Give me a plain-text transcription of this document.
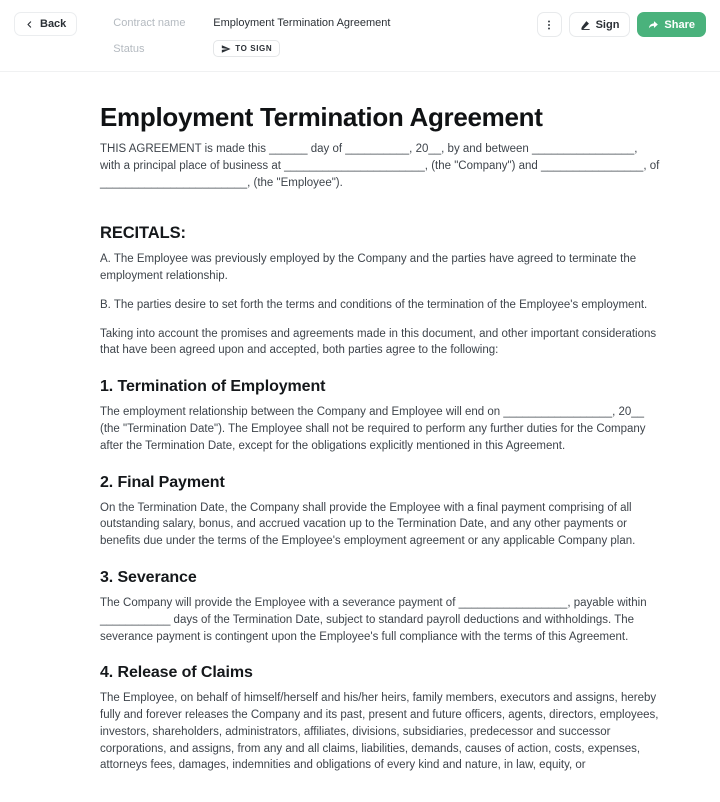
Back	Contract name	Employment Termination Agreement
Status	TO SIGN
Sign	Share
Employment Termination Agreement

THIS AGREEMENT is made this ______ day of __________, 20__, by and between ________________, with a principal place of business at ______________________, (the "Company") and ________________, of _______________________, (the "Employee").

RECITALS:

A. The Employee was previously employed by the Company and the parties have agreed to terminate the employment relationship.

B. The parties desire to set forth the terms and conditions of the termination of the Employee's employment.

Taking into account the promises and agreements made in this document, and other important considerations that have been agreed upon and accepted, both parties agree to the following:

1. Termination of Employment

The employment relationship between the Company and Employee will end on _________________, 20__ (the "Termination Date"). The Employee shall not be required to perform any further duties for the Company after the Termination Date, except for the obligations explicitly mentioned in this Agreement.

2. Final Payment

On the Termination Date, the Company shall provide the Employee with a final payment comprising of all outstanding salary, bonus, and accrued vacation up to the Termination Date, and any other payments or benefits due under the terms of the Employee's employment agreement or any applicable Company plan.

3. Severance

The Company will provide the Employee with a severance payment of _________________, payable within ___________ days of the Termination Date, subject to standard payroll deductions and withholdings. The severance payment is contingent upon the Employee's full compliance with the terms of this Agreement.

4. Release of Claims

The Employee, on behalf of himself/herself and his/her heirs, family members, executors and assigns, hereby fully and forever releases the Company and its past, present and future officers, agents, directors, employees, investors, shareholders, administrators, affiliates, divisions, subsidiaries, predecessor and successor corporations, and assigns, from any and all claims, liabilities, demands, causes of action, costs, expenses, attorneys fees, damages, indemnities and obligations of every kind and nature, in law, equity, or
